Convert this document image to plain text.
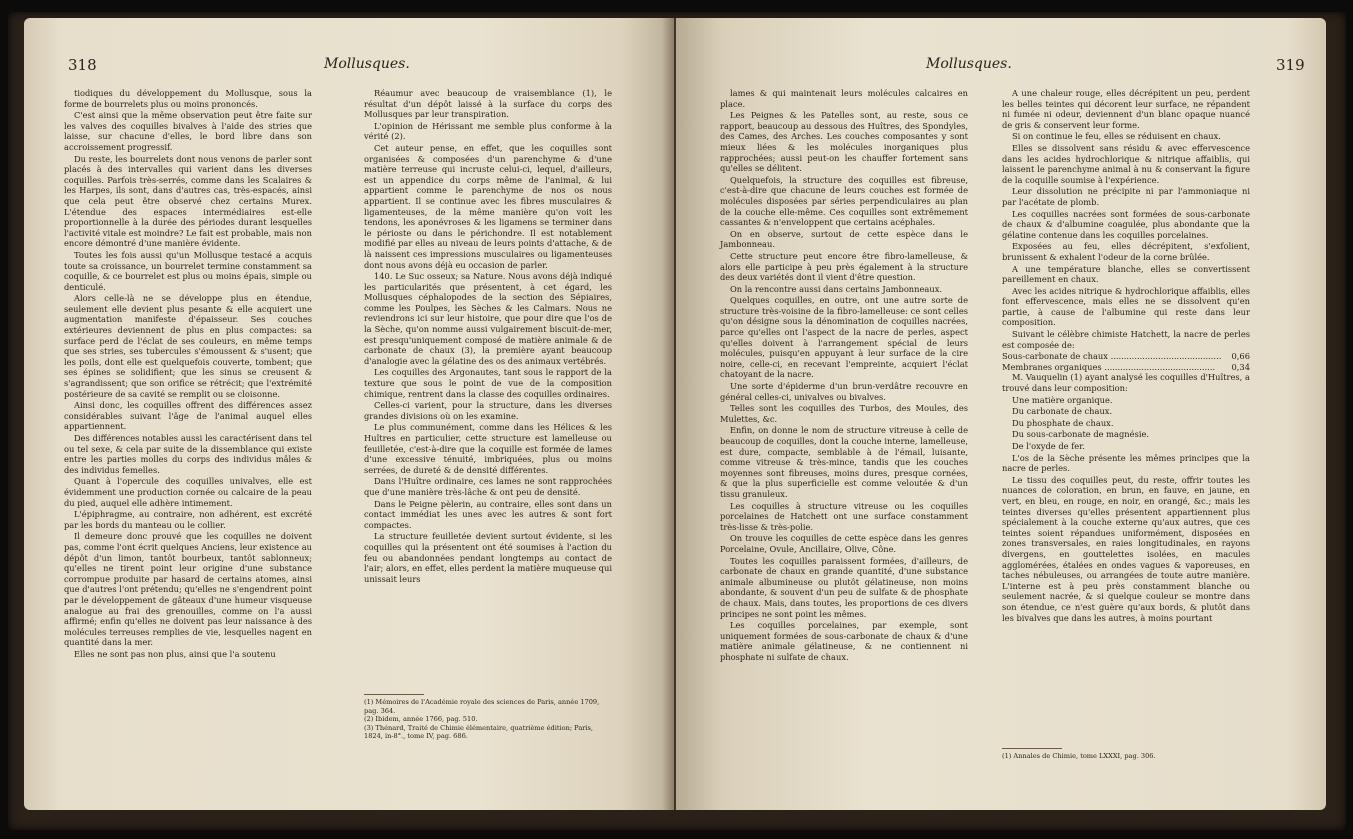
318	Mollusques.

tiodiques du développement du Mollusque, sous la forme de bourrelets plus ou moins prononcés.

C'est ainsi que la même observation peut être faite sur les valves des coquilles bivalves à l'aide des stries que laisse, sur chacune d'elles, le bord libre dans son accroissement progressif.

Du reste, les bourrelets dont nous venons de parler sont placés à des intervalles qui varient dans les diverses coquilles. Parfois très-serrés, comme dans les Scalaires & les Harpes, ils sont, dans d'autres cas, très-espacés, ainsi que cela peut être observé chez certains Murex. L'étendue des espaces intermédiaires est-elle proportionnelle à la durée des périodes durant lesquelles l'activité vitale est moindre? Le fait est probable, mais non encore démontré d'une manière évidente.

Toutes les fois aussi qu'un Mollusque testacé a acquis toute sa croissance, un bourrelet termine constamment sa coquille, & ce bourrelet est plus ou moins épais, simple ou denticulé.

Alors celle-là ne se développe plus en étendue, seulement elle devient plus pesante & elle acquiert une augmentation manifeste d'épaisseur. Ses couches extérieures deviennent de plus en plus compactes: sa surface perd de l'éclat de ses couleurs, en même temps que ses stries, ses tubercules s'émoussent & s'usent; que les poils, dont elle est quelquefois couverte, tombent; que ses épines se solidifient; que les sinus se creusent & s'agrandissent; que son orifice se rétrécit; que l'extrémité postérieure de sa cavité se remplit ou se cloisonne.

Ainsi donc, les coquilles offrent des différences assez considérables suivant l'âge de l'animal auquel elles appartiennent.

Des différences notables aussi les caractérisent dans tel ou tel sexe, & cela par suite de la dissemblance qui existe entre les parties molles du corps des individus mâles & des individus femelles.

Quant à l'opercule des coquilles univalves, elle est évidemment une production cornée ou calcaire de la peau du pied, auquel elle adhère intimement.

L'épiphragme, au contraire, non adhérent, est excrété par les bords du manteau ou le collier.

Il demeure donc prouvé que les coquilles ne doivent pas, comme l'ont écrit quelques Anciens, leur existence au dépôt d'un limon, tantôt bourbeux, tantôt sablonneux; qu'elles ne tirent point leur origine d'une substance corrompue produite par hasard de certains atomes, ainsi que d'autres l'ont prétendu; qu'elles ne s'engendrent point par le développement de gâteaux d'une humeur visqueuse analogue au frai des grenouilles, comme on l'a aussi affirmé; enfin qu'elles ne doivent pas leur naissance à des molécules terreuses remplies de vie, lesquelles nagent en quantité dans la mer.

Elles ne sont pas non plus, ainsi que l'a soutenu

Réaumur avec beaucoup de vraisemblance (1), le résultat d'un dépôt laissé à la surface du corps des Mollusques par leur transpiration.

L'opinion de Hérissant me semble plus conforme à la vérité (2).

Cet auteur pense, en effet, que les coquilles sont organisées & composées d'un parenchyme & d'une matière terreuse qui incruste celui-ci, lequel, d'ailleurs, est un appendice du corps même de l'animal, & lui appartient comme le parenchyme de nos os nous appartient. Il se continue avec les fibres musculaires & ligamenteuses, de la même manière qu'on voit les tendons, les aponévroses & les ligamens se terminer dans le périoste ou dans le périchondre. Il est notablement modifié par elles au niveau de leurs points d'attache, & de là naissent ces impressions musculaires ou ligamenteuses dont nous avons déjà eu occasion de parler.

140. Le Suc osseux; sa Nature. Nous avons déjà indiqué les particularités que présentent, à cet égard, les Mollusques céphalopodes de la section des Sépiaires, comme les Poulpes, les Sèches & les Calmars. Nous ne reviendrons ici sur leur histoire, que pour dire que l'os de la Sèche, qu'on nomme aussi vulgairement biscuit-de-mer, est presqu'uniquement composé de matière animale & de carbonate de chaux (3), la première ayant beaucoup d'analogie avec la gélatine des os des animaux vertébrés.

Les coquilles des Argonautes, tant sous le rapport de la texture que sous le point de vue de la composition chimique, rentrent dans la classe des coquilles ordinaires.

Celles-ci varient, pour la structure, dans les diverses grandes divisions où on les examine.

Le plus communément, comme dans les Hélices & les Huîtres en particulier, cette structure est lamelleuse ou feuilletée, c'est-à-dire que la coquille est formée de lames d'une excessive ténuité, imbriquées, plus ou moins serrées, de dureté & de densité différentes.

Dans l'Huître ordinaire, ces lames ne sont rapprochées que d'une manière très-lâche & ont peu de densité.

Dans le Peigne pèlerin, au contraire, elles sont dans un contact immédiat les unes avec les autres & sont fort compactes.

La structure feuilletée devient surtout évidente, si les coquilles qui la présentent ont été soumises à l'action du feu ou abandonnées pendant longtemps au contact de l'air; alors, en effet, elles perdent la matière muqueuse qui unissait leurs

(1) Mémoires de l'Académie royale des sciences de Paris, année 1709, pag. 364.

(2) Ibidem, année 1766, pag. 510.

(3) Thénard, Traité de Chimie élémentaire, quatrième édition; Paris, 1824, in-8°., tome IV, pag. 686.

Mollusques.	319

lames & qui maintenait leurs molécules calcaires en place.

Les Peignes & les Patelles sont, au reste, sous ce rapport, beaucoup au dessous des Huîtres, des Spondyles, des Cames, des Arches. Les couches composantes y sont mieux liées & les molécules inorganiques plus rapprochées; aussi peut-on les chauffer fortement sans qu'elles se délitent.

Quelquefois, la structure des coquilles est fibreuse, c'est-à-dire que chacune de leurs couches est formée de molécules disposées par séries perpendiculaires au plan de la couche elle-même. Ces coquilles sont extrêmement cassantes & n'enveloppent que certains acéphales.

On en observe, surtout de cette espèce dans le Jambonneau.

Cette structure peut encore être fibro-lamelleuse, & alors elle participe à peu près également à la structure des deux variétés dont il vient d'être question.

On la rencontre aussi dans certains Jambonneaux.

Quelques coquilles, en outre, ont une autre sorte de structure très-voisine de la fibro-lamelleuse: ce sont celles qu'on désigne sous la dénomination de coquilles nacrées, parce qu'elles ont l'aspect de la nacre de perles, aspect qu'elles doivent à l'arrangement spécial de leurs molécules, puisqu'en appuyant à leur surface de la cire noire, celle-ci, en recevant l'empreinte, acquiert l'éclat chatoyant de la nacre.

Une sorte d'épiderme d'un brun-verdâtre recouvre en général celles-ci, univalves ou bivalves.

Telles sont les coquilles des Turbos, des Moules, des Mulettes, &c.

Enfin, on donne le nom de structure vitreuse à celle de beaucoup de coquilles, dont la couche interne, lamelleuse, est dure, compacte, semblable à de l'émail, luisante, comme vitreuse & très-mince, tandis que les couches moyennes sont fibreuses, moins dures, presque cornées, & que la plus superficielle est comme veloutée & d'un tissu granuleux.

Les coquilles à structure vitreuse ou les coquilles porcelaines de Hatchett ont une surface constamment très-lisse & très-polie.

On trouve les coquilles de cette espèce dans les genres Porcelaine, Ovule, Ancillaire, Olive, Cône.

Toutes les coquilles paraissent formées, d'ailleurs, de carbonate de chaux en grande quantité, d'une substance animale albumineuse ou plutôt gélatineuse, non moins abondante, & souvent d'un peu de sulfate & de phosphate de chaux. Mais, dans toutes, les proportions de ces divers principes ne sont point les mêmes.

Les coquilles porcelaines, par exemple, sont uniquement formées de sous-carbonate de chaux & d'une matière animale gélatineuse, & ne contiennent ni phosphate ni sulfate de chaux.

A une chaleur rouge, elles décrépitent un peu, perdent les belles teintes qui décorent leur surface, ne répandent ni fumée ni odeur, deviennent d'un blanc opaque nuancé de gris & conservent leur forme.

Si on continue le feu, elles se réduisent en chaux.

Elles se dissolvent sans résidu & avec effervescence dans les acides hydrochlorique & nitrique affaiblis, qui laissent le parenchyme animal à nu & conservant la figure de la coquille soumise à l'expérience.

Leur dissolution ne précipite ni par l'ammoniaque ni par l'acétate de plomb.

Les coquilles nacrées sont formées de sous-carbonate de chaux & d'albumine coagulée, plus abondante que la gélatine contenue dans les coquilles porcelaines.

Exposées au feu, elles décrépitent, s'exfolient, brunissent & exhalent l'odeur de la corne brûlée.

A une température blanche, elles se convertissent pareillement en chaux.

Avec les acides nitrique & hydrochlorique affaiblis, elles font effervescence, mais elles ne se dissolvent qu'en partie, à cause de l'albumine qui reste dans leur composition.

Suivant le célèbre chimiste Hatchett, la nacre de perles est composée de:

Sous-carbonate de chaux ..........................................	0,66
Membranes organiques ..........................................	0,34

M. Vauquelin (1) ayant analysé les coquilles d'Huîtres, a trouvé dans leur composition:

Une matière organique.

Du carbonate de chaux.

Du phosphate de chaux.

Du sous-carbonate de magnésie.

De l'oxyde de fer.

L'os de la Sèche présente les mêmes principes que la nacre de perles.

Le tissu des coquilles peut, du reste, offrir toutes les nuances de coloration, en brun, en fauve, en jaune, en vert, en bleu, en rouge, en noir, en orangé, &c.; mais les teintes diverses qu'elles présentent appartiennent plus spécialement à la couche externe qu'aux autres, que ces teintes soient répandues uniformément, disposées en zones transversales, en raies longitudinales, en rayons divergens, en gouttelettes isolées, en macules agglomérées, étalées en ondes vagues & vaporeuses, en taches nébuleuses, ou arrangées de toute autre manière. L'interne est à peu près constamment blanche ou seulement nacrée, & si quelque couleur se montre dans son étendue, ce n'est guère qu'aux bords, & plutôt dans les bivalves que dans les autres, à moins pourtant

(1) Annales de Chimie, tome LXXXI, pag. 306.
